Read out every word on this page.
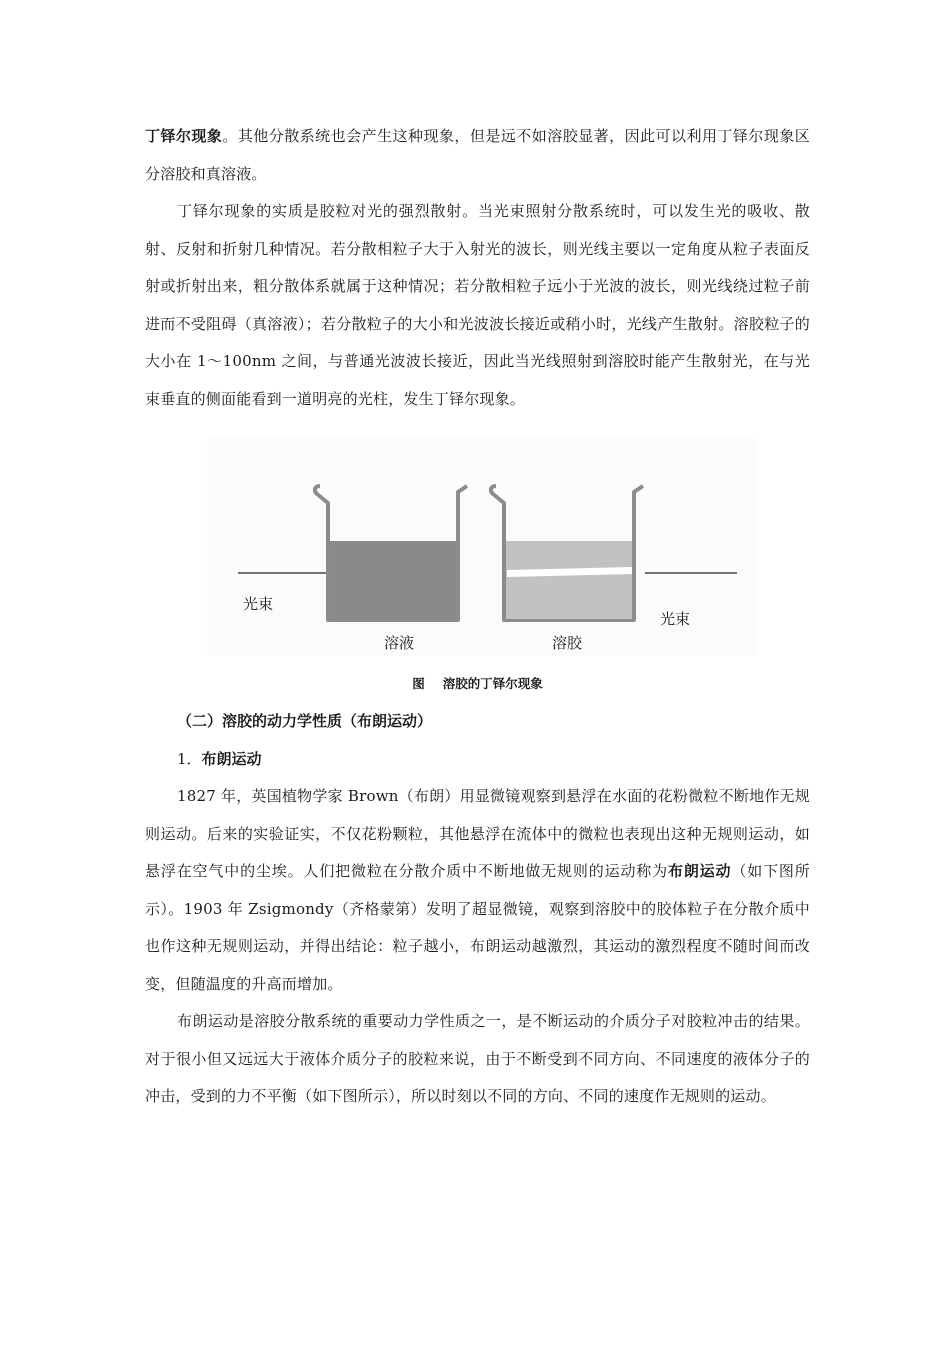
丁铎尔现象。其他分散系统也会产生这种现象，但是远不如溶胶显著，因此可以利用丁铎尔现象区分溶胶和真溶液。

丁铎尔现象的实质是胶粒对光的强烈散射。当光束照射分散系统时，可以发生光的吸收、散射、反射和折射几种情况。若分散相粒子大于入射光的波长，则光线主要以一定角度从粒子表面反射或折射出来，粗分散体系就属于这种情况；若分散相粒子远小于光波的波长，则光线绕过粒子前进而不受阻碍（真溶液）；若分散粒子的大小和光波波长接近或稍小时，光线产生散射。溶胶粒子的大小在 1～100nm 之间，与普通光波波长接近，因此当光线照射到溶胶时能产生散射光，在与光束垂直的侧面能看到一道明亮的光柱，发生丁铎尔现象。

光束
光束
溶液	溶胶
图 溶胶的丁铎尔现象
（二）溶胶的动力学性质（布朗运动）
1．布朗运动

1827 年，英国植物学家 Brown（布朗）用显微镜观察到悬浮在水面的花粉微粒不断地作无规则运动。后来的实验证实，不仅花粉颗粒，其他悬浮在流体中的微粒也表现出这种无规则运动，如悬浮在空气中的尘埃。人们把微粒在分散介质中不断地做无规则的运动称为布朗运动（如下图所示）。1903 年 Zsigmondy（齐格蒙第）发明了超显微镜，观察到溶胶中的胶体粒子在分散介质中也作这种无规则运动，并得出结论：粒子越小，布朗运动越激烈，其运动的激烈程度不随时间而改变，但随温度的升高而增加。

布朗运动是溶胶分散系统的重要动力学性质之一，是不断运动的介质分子对胶粒冲击的结果。对于很小但又远远大于液体介质分子的胶粒来说，由于不断受到不同方向、不同速度的液体分子的冲击，受到的力不平衡（如下图所示），所以时刻以不同的方向、不同的速度作无规则的运动。
